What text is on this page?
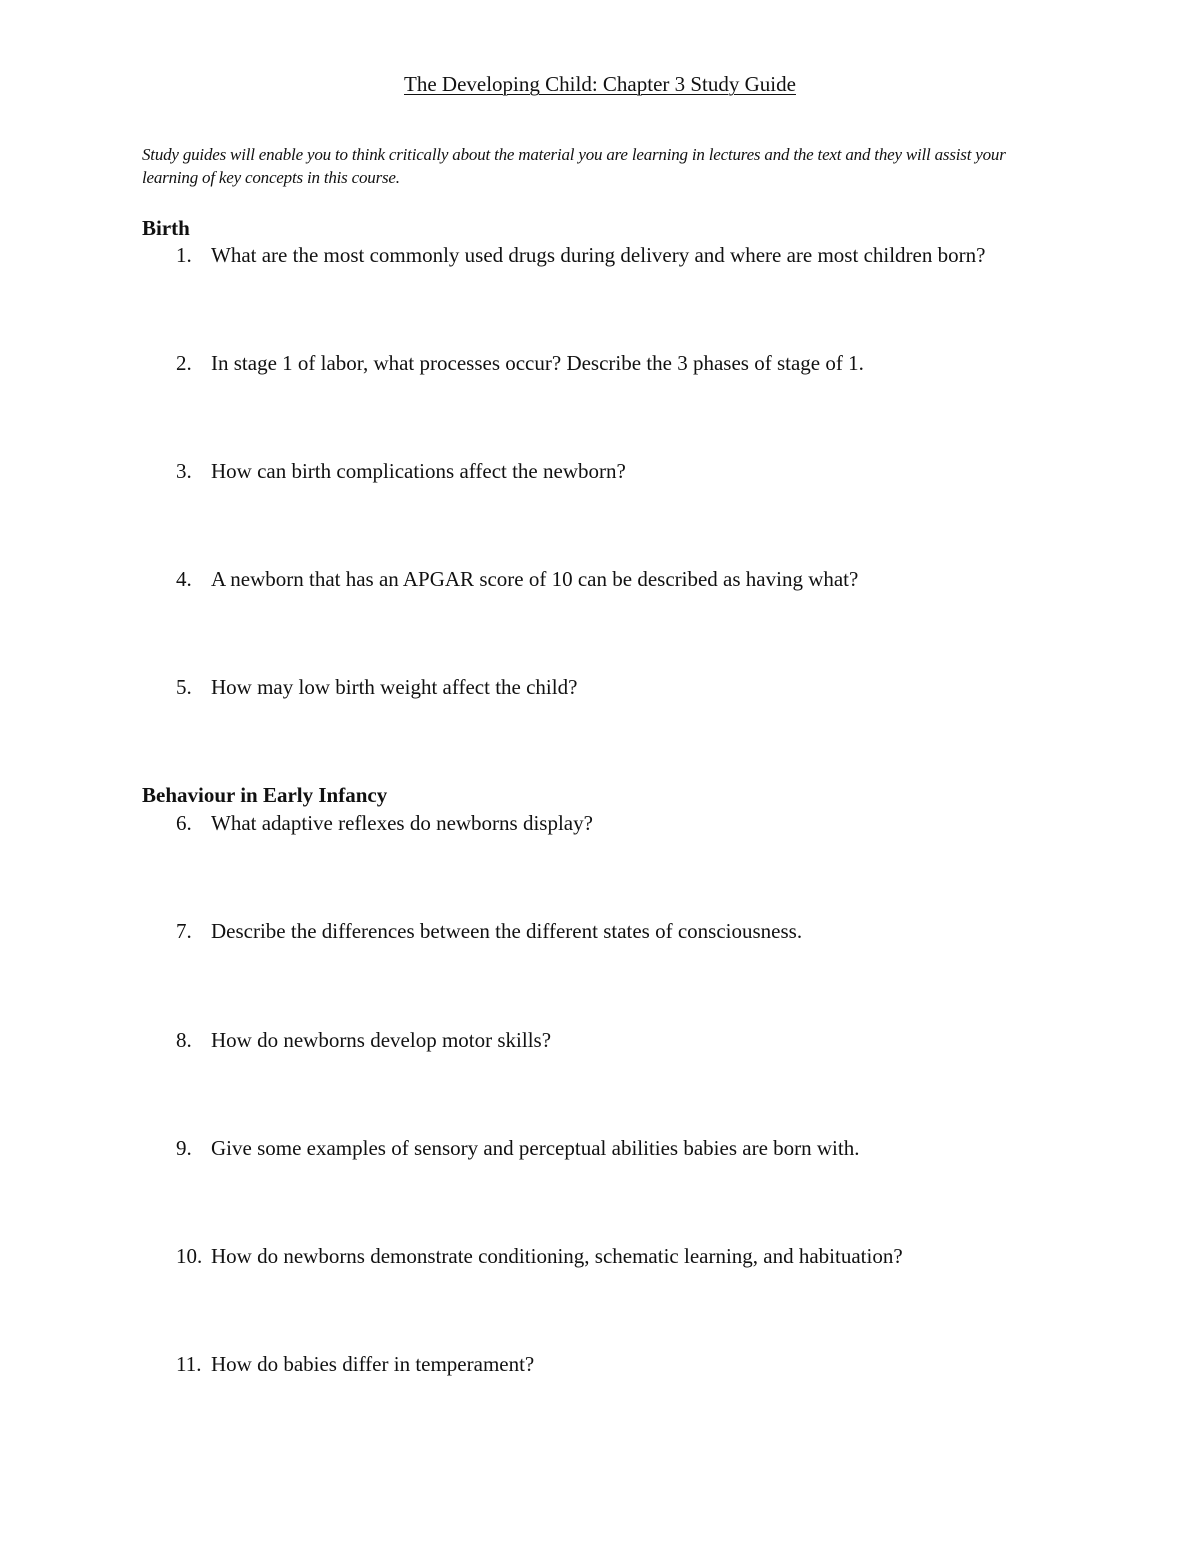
The Developing Child: Chapter 3 Study Guide
Study guides will enable you to think critically about the material you are learning in lectures and the text and they will assist your learning of key concepts in this course.
Birth
1. What are the most commonly used drugs during delivery and where are most children born?
2. In stage 1 of labor, what processes occur? Describe the 3 phases of stage of 1.
3. How can birth complications affect the newborn?
4. A newborn that has an APGAR score of 10 can be described as having what?
5. How may low birth weight affect the child?
Behaviour in Early Infancy
6. What adaptive reflexes do newborns display?
7. Describe the differences between the different states of consciousness.
8. How do newborns develop motor skills?
9. Give some examples of sensory and perceptual abilities babies are born with.
10. How do newborns demonstrate conditioning, schematic learning, and habituation?
11. How do babies differ in temperament?
